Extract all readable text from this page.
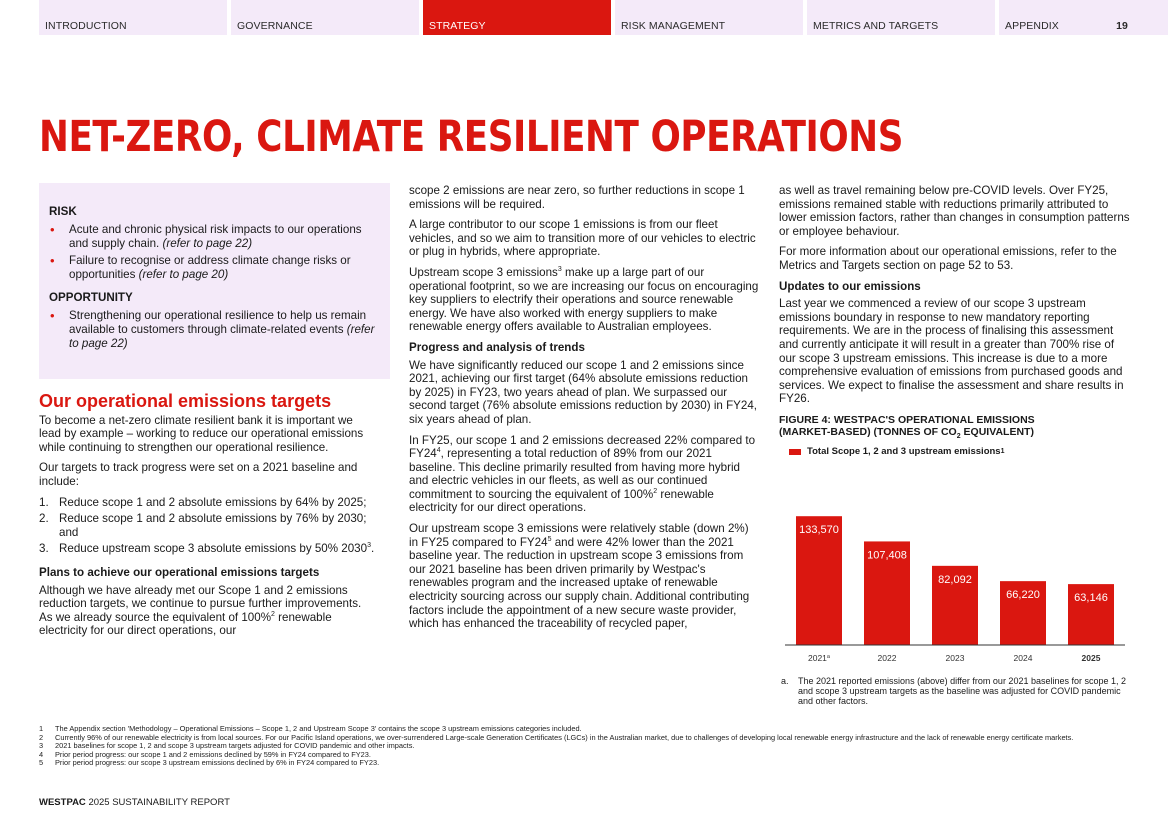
INTRODUCTION	GOVERNANCE	STRATEGY	RISK MANAGEMENT	METRICS AND TARGETS	APPENDIX	19
NET-ZERO, CLIMATE RESILIENT OPERATIONS
RISK
• Acute and chronic physical risk impacts to our operations and supply chain. (refer to page 22)
• Failure to recognise or address climate change risks or opportunities (refer to page 20)
OPPORTUNITY
• Strengthening our operational resilience to help us remain available to customers through climate-related events (refer to page 22)
Our operational emissions targets

To become a net-zero climate resilient bank it is important we lead by example – working to reduce our operational emissions while continuing to strengthen our operational resilience.

Our targets to track progress were set on a 2021 baseline and include:

1. Reduce scope 1 and 2 absolute emissions by 64% by 2025;
2. Reduce scope 1 and 2 absolute emissions by 76% by 2030; and
3. Reduce upstream scope 3 absolute emissions by 50% 2030$^3$.
Plans to achieve our operational emissions targets

Although we have already met our Scope 1 and 2 emissions reduction targets, we continue to pursue further improvements. As we already source the equivalent of 100%$^2$ renewable electricity for our direct operations, our

scope 2 emissions are near zero, so further reductions in scope 1 emissions will be required.

A large contributor to our scope 1 emissions is from our fleet vehicles, and so we aim to transition more of our vehicles to electric or plug in hybrids, where appropriate.

Upstream scope 3 emissions$^3$ make up a large part of our operational footprint, so we are increasing our focus on encouraging key suppliers to electrify their operations and source renewable energy. We have also worked with energy suppliers to make renewable energy offers available to Australian employees.

Progress and analysis of trends

We have significantly reduced our scope 1 and 2 emissions since 2021, achieving our first target (64% absolute emissions reduction by 2025) in FY23, two years ahead of plan. We surpassed our second target (76% absolute emissions reduction by 2030) in FY24, six years ahead of plan.

In FY25, our scope 1 and 2 emissions decreased 22% compared to $FY24^4$, representing a total reduction of 89% from our 2021 baseline. This decline primarily resulted from having more hybrid and electric vehicles in our fleets, as well as our continued commitment to sourcing the equivalent of 100%$^2$ renewable electricity for our direct operations.

Our upstream scope 3 emissions were relatively stable (down 2%) in FY25 compared to $FY24^5$ and were 42% lower than the 2021 baseline year. The reduction in upstream scope 3 emissions from our 2021 baseline has been driven primarily by Westpac's renewables program and the increased uptake of renewable electricity sourcing across our supply chain. Additional contributing factors include the appointment of a new secure waste provider, which has enhanced the traceability of recycled paper,

as well as travel remaining below pre-COVID levels. Over FY25, emissions remained stable with reductions primarily attributed to lower emission factors, rather than changes in consumption patterns or employee behaviour.

For more information about our operational emissions, refer to the Metrics and Targets section on page 52 to 53.

Updates to our emissions

Last year we commenced a review of our scope 3 upstream emissions boundary in response to new mandatory reporting requirements. We are in the process of finalising this assessment and currently anticipate it will result in a greater than 700% rise of our scope 3 upstream emissions. This increase is due to a more comprehensive evaluation of emissions from purchased goods and services. We expect to finalise the assessment and share results in FY26.

FIGURE 4: WESTPAC'S OPERATIONAL EMISSIONS
(MARKET-BASED) (TONNES OF $CO_2$ EQUIVALENT)
Total Scope 1, 2 and 3 upstream emissions 1
133,570
2021$^a$
107,408
2022
82,092
2023
66,220
2024
63,146
2025
a.	The 2021 reported emissions (above) differ from our 2021 baselines for scope 1, 2 and scope 3 upstream targets as the baseline was adjusted for COVID pandemic and other factors.
1	The Appendix section 'Methodology – Operational Emissions – Scope 1, 2 and Upstream Scope 3' contains the scope 3 upstream emissions categories included.
2	Currently 96% of our renewable electricity is from local sources. For our Pacific Island operations, we over-surrendered Large-scale Generation Certificates (LGCs) in the Australian market, due to challenges of developing local renewable energy infrastructure and the lack of renewable energy certificate markets.
3	2021 baselines for scope 1, 2 and scope 3 upstream targets adjusted for COVID pandemic and other impacts.
4	Prior period progress: our scope 1 and 2 emissions declined by 59% in FY24 compared to FY23.
5	Prior period progress: our scope 3 upstream emissions declined by 6% in FY24 compared to FY23.
WESTPAC 2025 SUSTAINABILITY REPORT
